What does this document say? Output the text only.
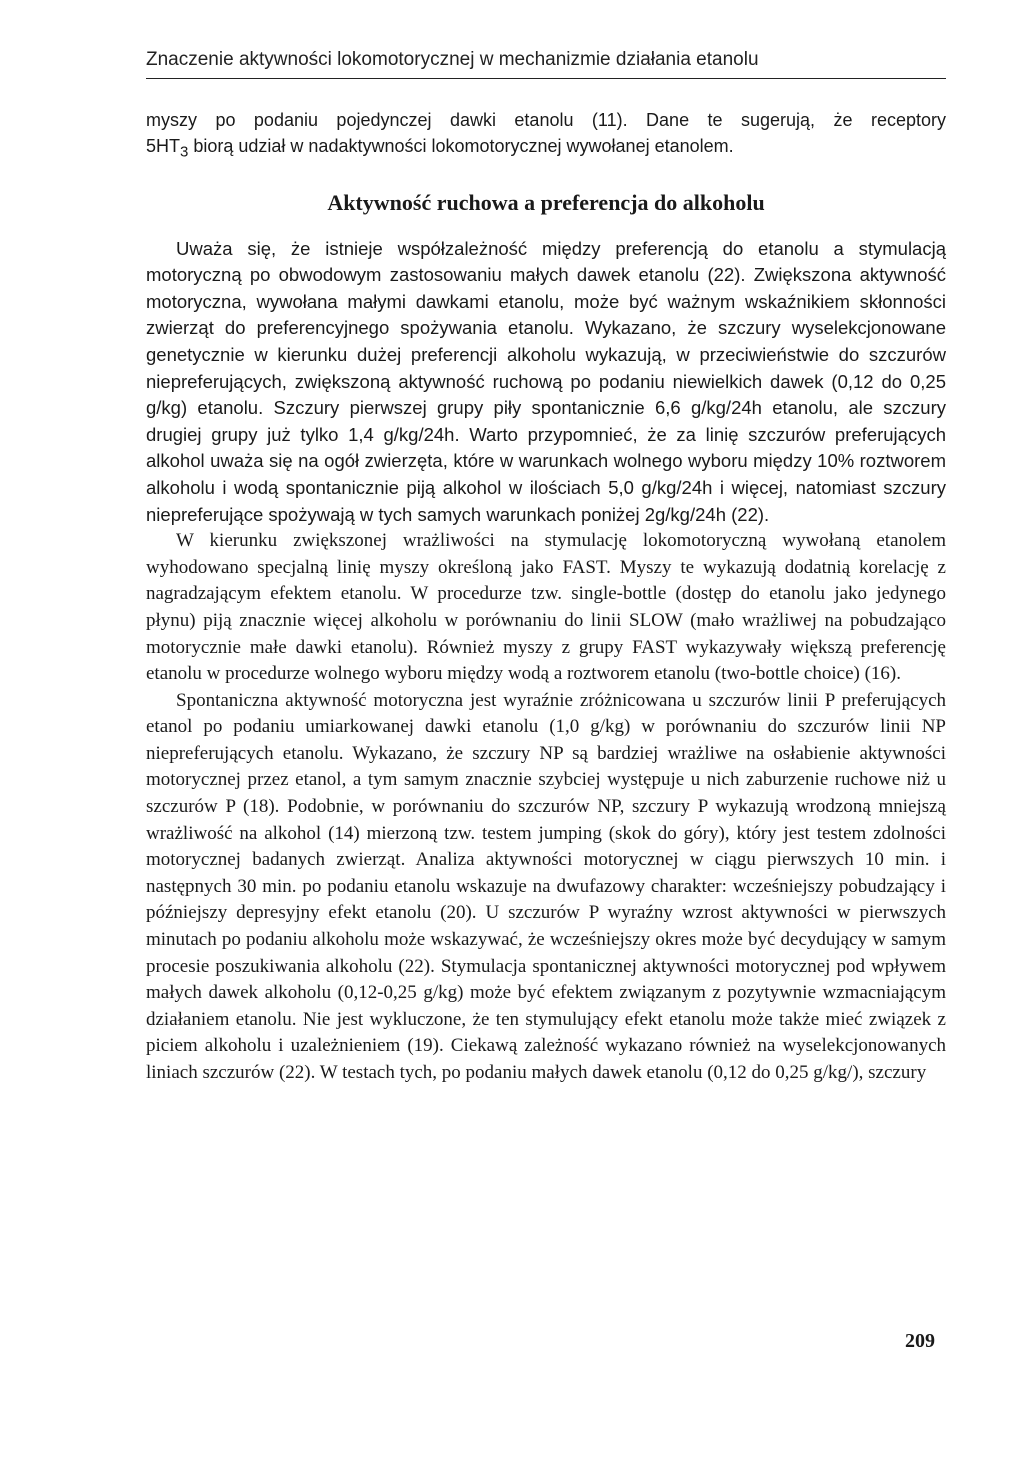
Znaczenie aktywności lokomotorycznej w mechanizmie działania etanolu
myszy po podaniu pojedynczej dawki etanolu (11). Dane te sugerują, że receptory
$5HT_3$ biorą udział w nadaktywności lokomotorycznej wywołanej etanolem.
Aktywność ruchowa a preferencja do alkoholu

Uważa się, że istnieje współzależność między preferencją do etanolu a stymulacją motoryczną po obwodowym zastosowaniu małych dawek etanolu (22). Zwiększona aktywność motoryczna, wywołana małymi dawkami etanolu, może być ważnym wskaźnikiem skłonności zwierząt do preferencyjnego spożywania etanolu. Wykazano, że szczury wyselekcjonowane genetycznie w kierunku dużej preferencji alkoholu wykazują, w przeciwieństwie do szczurów niepreferujących, zwiększoną aktywność ruchową po podaniu niewielkich dawek (0,12 do 0,25 g/kg) etanolu. Szczury pierwszej grupy piły spontanicznie 6,6 g/kg/24h etanolu, ale szczury drugiej grupy już tylko 1,4 g/kg/24h. Warto przypomnieć, że za linię szczurów preferujących alkohol uważa się na ogół zwierzęta, które w warunkach wolnego wyboru między 10% roztworem alkoholu i wodą spontanicznie piją alkohol w ilościach 5,0 g/kg/24h i więcej, natomiast szczury niepreferujące spożywają w tych samych warunkach poniżej 2g/kg/24h (22).

W kierunku zwiększonej wrażliwości na stymulację lokomotoryczną wywołaną etanolem wyhodowano specjalną linię myszy określoną jako FAST. Myszy te wykazują dodatnią korelację z nagradzającym efektem etanolu. W procedurze tzw. single-bottle (dostęp do etanolu jako jedynego płynu) piją znacznie więcej alkoholu w porównaniu do linii SLOW (mało wrażliwej na pobudzająco motorycznie małe dawki etanolu). Również myszy z grupy FAST wykazywały większą preferencję etanolu w procedurze wolnego wyboru między wodą a roztworem etanolu (two-bottle choice) (16).

Spontaniczna aktywność motoryczna jest wyraźnie zróżnicowana u szczurów linii P preferujących etanol po podaniu umiarkowanej dawki etanolu (1,0 g/kg) w porównaniu do szczurów linii NP niepreferujących etanolu. Wykazano, że szczury NP są bardziej wrażliwe na osłabienie aktywności motorycznej przez etanol, a tym samym znacznie szybciej występuje u nich zaburzenie ruchowe niż u szczurów P (18). Podobnie, w porównaniu do szczurów NP, szczury P wykazują wrodzoną mniejszą wrażliwość na alkohol (14) mierzoną tzw. testem jumping (skok do góry), który jest testem zdolności motorycznej badanych zwierząt. Analiza aktywności motorycznej w ciągu pierwszych 10 min. i następnych 30 min. po podaniu etanolu wskazuje na dwufazowy charakter: wcześniejszy pobudzający i późniejszy depresyjny efekt etanolu (20). U szczurów P wyraźny wzrost aktywności w pierwszych minutach po podaniu alkoholu może wskazywać, że wcześniejszy okres może być decydujący w samym procesie poszukiwania alkoholu (22). Stymulacja spontanicznej aktywności motorycznej pod wpływem małych dawek alkoholu (0,12-0,25 g/kg) może być efektem związanym z pozytywnie wzmacniającym działaniem etanolu. Nie jest wykluczone, że ten stymulujący efekt etanolu może także mieć związek z piciem alkoholu i uzależnieniem (19). Ciekawą zależność wykazano również na wyselekcjonowanych liniach szczurów (22). W testach tych, po podaniu małych dawek etanolu (0,12 do 0,25 g/kg/), szczury

209
